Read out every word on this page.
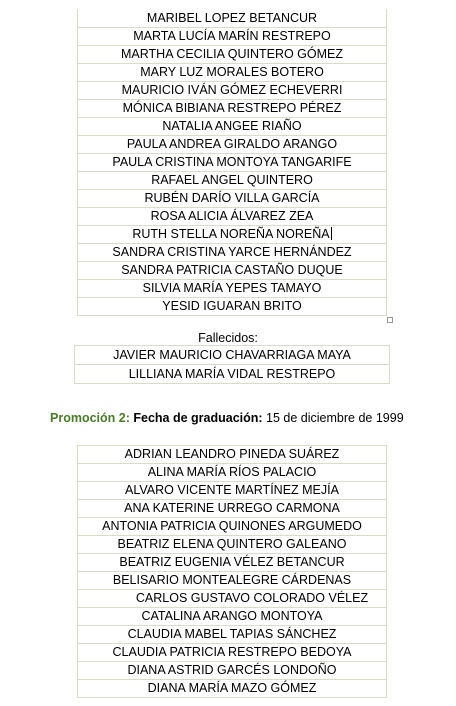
MARIBEL LOPEZ BETANCUR
MARTA LUCÍA MARÍN RESTREPO
MARTHA CECILIA QUINTERO GÓMEZ
MARY LUZ MORALES BOTERO
MAURICIO IVÁN GÓMEZ ECHEVERRI
MÓNICA BIBIANA RESTREPO PÉREZ
NATALIA ANGEE RIAÑO
PAULA ANDREA GIRALDO ARANGO
PAULA CRISTINA MONTOYA TANGARIFE
RAFAEL ANGEL QUINTERO
RUBÉN DARÍO VILLA GARCÍA
ROSA ALICIA ÁLVAREZ ZEA
RUTH STELLA NOREÑA NOREÑA
SANDRA CRISTINA YARCE HERNÁNDEZ
SANDRA PATRICIA CASTAÑO DUQUE
SILVIA MARÍA YEPES TAMAYO
YESID IGUARAN BRITO
Fallecidos:
JAVIER MAURICIO CHAVARRIAGA MAYA
LILLIANA MARÍA VIDAL RESTREPO
Promoción 2: Fecha de graduación: 15 de diciembre de 1999
ADRIAN LEANDRO PINEDA SUÁREZ
ALINA MARÍA RÍOS PALACIO
ALVARO VICENTE MARTÍNEZ MEJÍA
ANA KATERINE URREGO CARMONA
ANTONIA PATRICIA QUINONES ARGUMEDO
BEATRIZ ELENA QUINTERO GALEANO
BEATRIZ EUGENIA VÉLEZ BETANCUR
BELISARIO MONTEALEGRE CÁRDENAS
CARLOS GUSTAVO COLORADO VÉLEZ
CATALINA ARANGO MONTOYA
CLAUDIA MABEL TAPIAS SÁNCHEZ
CLAUDIA PATRICIA RESTREPO BEDOYA
DIANA ASTRID GARCÉS LONDOÑO
DIANA MARÍA MAZO GÓMEZ
